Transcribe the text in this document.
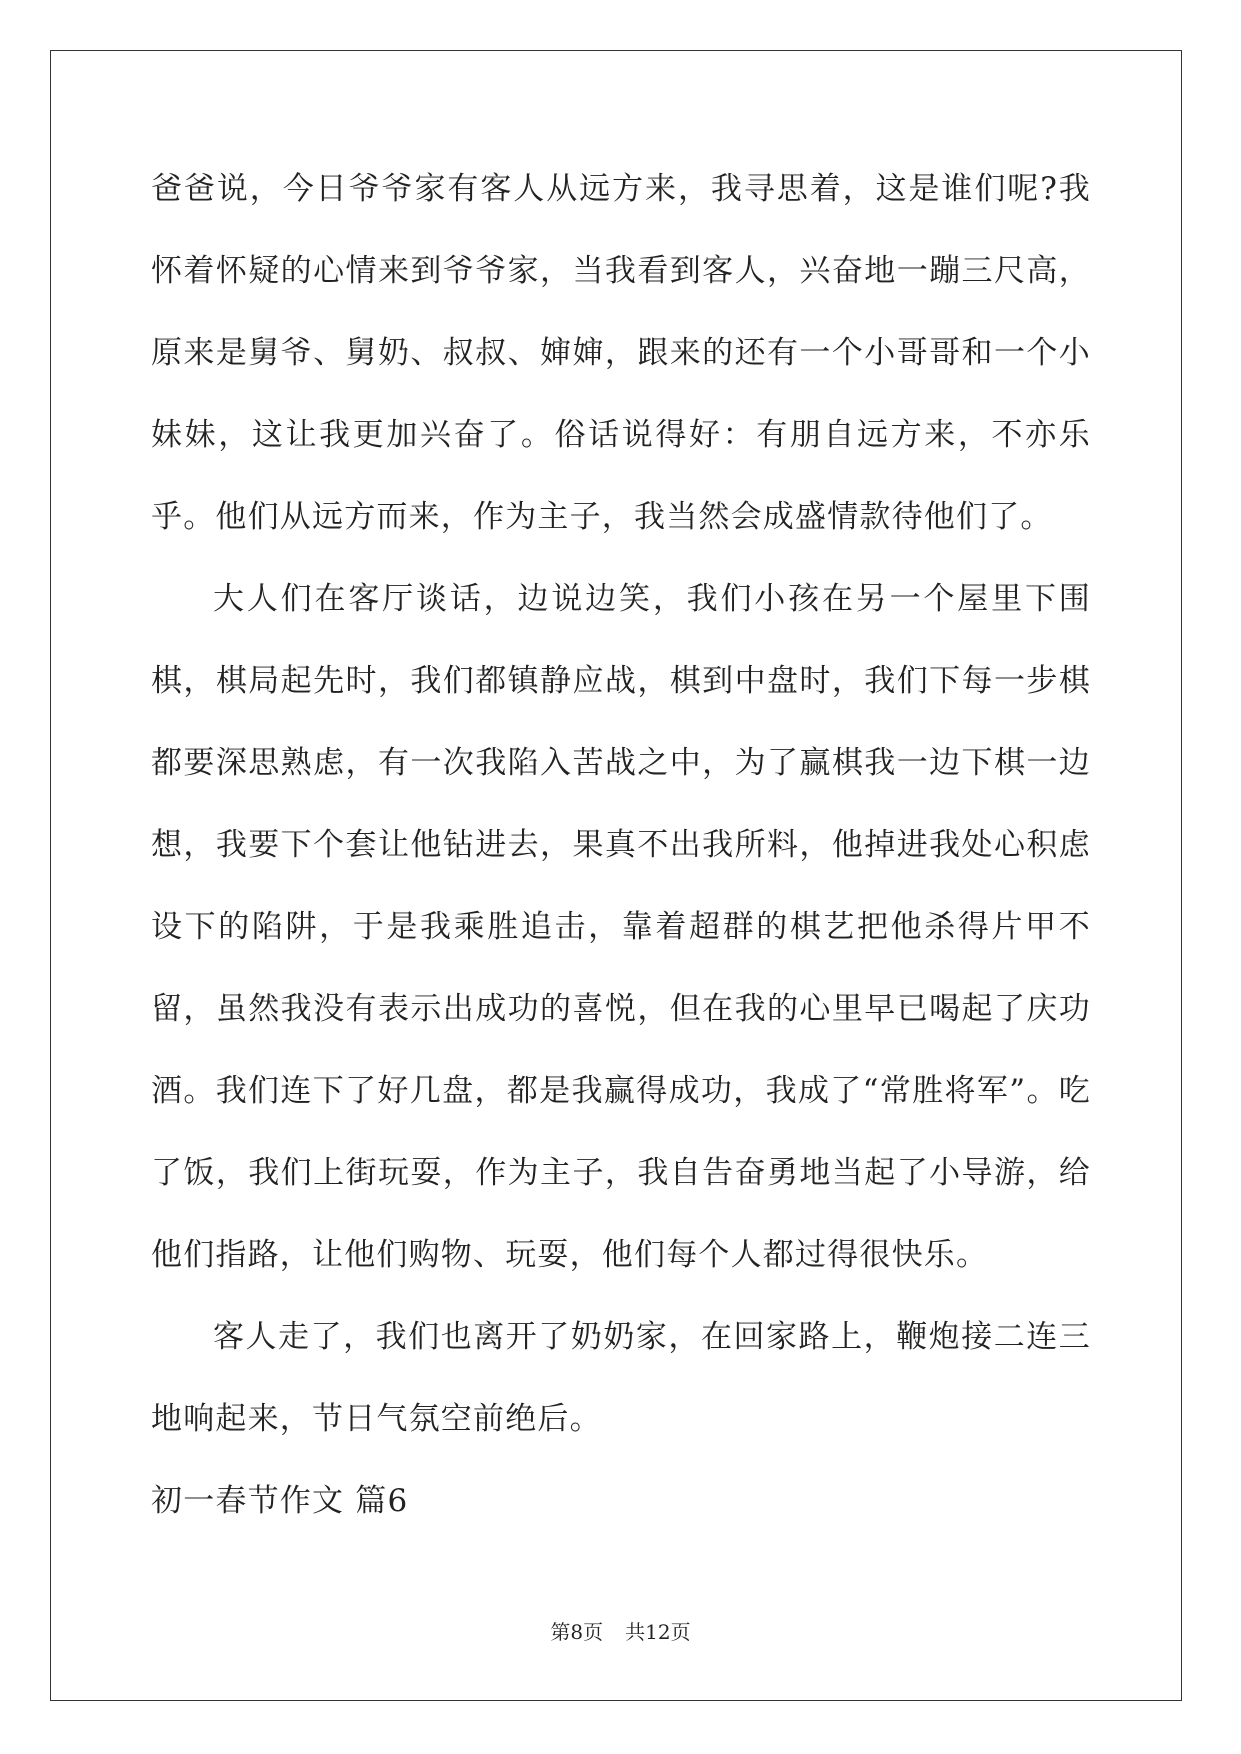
爸爸说，今日爷爷家有客人从远方来，我寻思着，这是谁们呢?我怀着怀疑的心情来到爷爷家，当我看到客人，兴奋地一蹦三尺高，原来是舅爷、舅奶、叔叔、婶婶，跟来的还有一个小哥哥和一个小妹妹，这让我更加兴奋了。俗话说得好：有朋自远方来，不亦乐乎。他们从远方而来，作为主子，我当然会成盛情款待他们了。

大人们在客厅谈话，边说边笑，我们小孩在另一个屋里下围棋，棋局起先时，我们都镇静应战，棋到中盘时，我们下每一步棋都要深思熟虑，有一次我陷入苦战之中，为了赢棋我一边下棋一边想，我要下个套让他钻进去，果真不出我所料，他掉进我处心积虑设下的陷阱，于是我乘胜追击，靠着超群的棋艺把他杀得片甲不留，虽然我没有表示出成功的喜悦，但在我的心里早已喝起了庆功酒。我们连下了好几盘，都是我赢得成功，我成了“常胜将军”。吃了饭，我们上街玩耍，作为主子，我自告奋勇地当起了小导游，给他们指路，让他们购物、玩耍，他们每个人都过得很快乐。

客人走了，我们也离开了奶奶家，在回家路上，鞭炮接二连三地响起来，节日气氛空前绝后。

初一春节作文 篇6
第8页 共12页
